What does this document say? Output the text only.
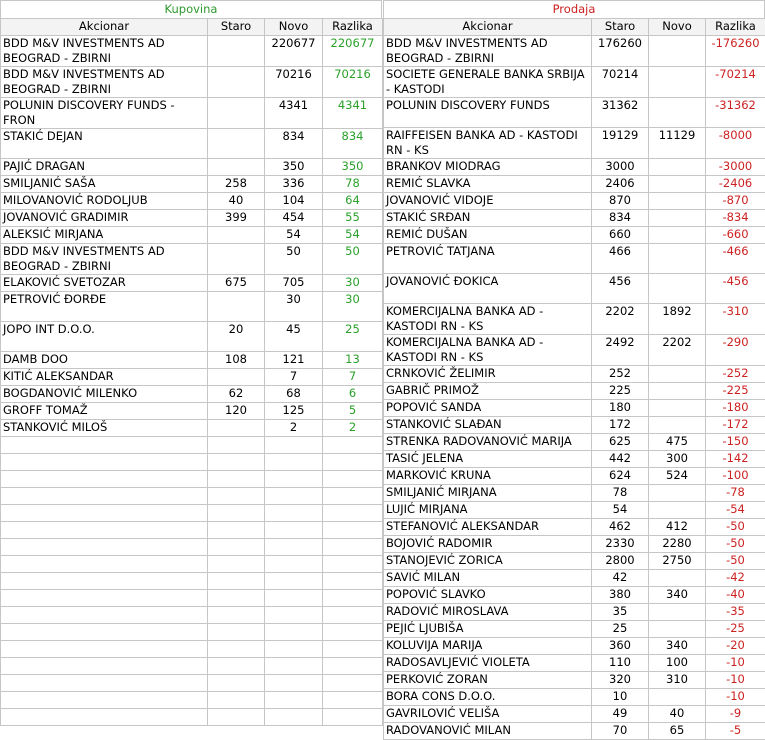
Kupovina
Akcionar	Staro	Novo	Razlika
BDD M&V INVESTMENTS AD BEOGRAD - ZBIRNI		220677	220677
BDD M&V INVESTMENTS AD BEOGRAD - ZBIRNI		70216	70216
POLUNIN DISCOVERY FUNDS - FRON		4341	4341
STAKIĆ DEJAN		834	834
PAJIĆ DRAGAN		350	350
SMILJANIĆ SAŠA	258	336	78
MILOVANOVIĆ RODOLJUB	40	104	64
JOVANOVIĆ GRADIMIR	399	454	55
ALEKSIĆ MIRJANA		54	54
BDD M&V INVESTMENTS AD BEOGRAD - ZBIRNI		50	50
ELAKOVIĆ SVETOZAR	675	705	30
PETROVIĆ ĐORĐE		30	30
JOPO INT D.O.O.	20	45	25
DAMB DOO	108	121	13
KITIĆ ALEKSANDAR		7	7
BOGDANOVIĆ MILENKO	62	68	6
GROFF TOMAŽ	120	125	5
STANKOVIĆ MILOŠ		2	2

Prodaja
Akcionar	Staro	Novo	Razlika
BDD M&V INVESTMENTS AD BEOGRAD - ZBIRNI	176260		-176260
SOCIETE GENERALE BANKA SRBIJA - KASTODI	70214		-70214
POLUNIN DISCOVERY FUNDS	31362		-31362
RAIFFEISEN BANKA AD - KASTODI RN - KS	19129	11129	-8000
BRANKOV MIODRAG	3000		-3000
REMIĆ SLAVKA	2406		-2406
JOVANOVIĆ VIDOJE	870		-870
STAKIĆ SRĐAN	834		-834
REMIĆ DUŠAN	660		-660
PETROVIĆ TATJANA	466		-466
JOVANOVIĆ ĐOKICA	456		-456
KOMERCIJALNA BANKA AD - KASTODI RN - KS	2202	1892	-310
KOMERCIJALNA BANKA AD - KASTODI RN - KS	2492	2202	-290
CRNKOVIĆ ŽELIMIR	252		-252
GABRIČ PRIMOŽ	225		-225
POPOVIĆ SANDA	180		-180
STANKOVIĆ SLAĐAN	172		-172
STRENKA RADOVANOVIĆ MARIJA	625	475	-150
TASIĆ JELENA	442	300	-142
MARKOVIĆ KRUNA	624	524	-100
SMILJANIĆ MIRJANA	78		-78
LUJIĆ MIRJANA	54		-54
STEFANOVIĆ ALEKSANDAR	462	412	-50
BOJOVIĆ RADOMIR	2330	2280	-50
STANOJEVIĆ ZORICA	2800	2750	-50
SAVIĆ MILAN	42		-42
POPOVIĆ SLAVKO	380	340	-40
RADOVIĆ MIROSLAVA	35		-35
PEJIĆ LJUBIŠA	25		-25
KOLUVIJA MARIJA	360	340	-20
RADOSAVLJEVIĆ VIOLETA	110	100	-10
PERKOVIĆ ZORAN	320	310	-10
BORA CONS D.O.O.	10		-10
GAVRILOVIĆ VELIŠA	49	40	-9
RADOVANOVIĆ MILAN	70	65	-5
